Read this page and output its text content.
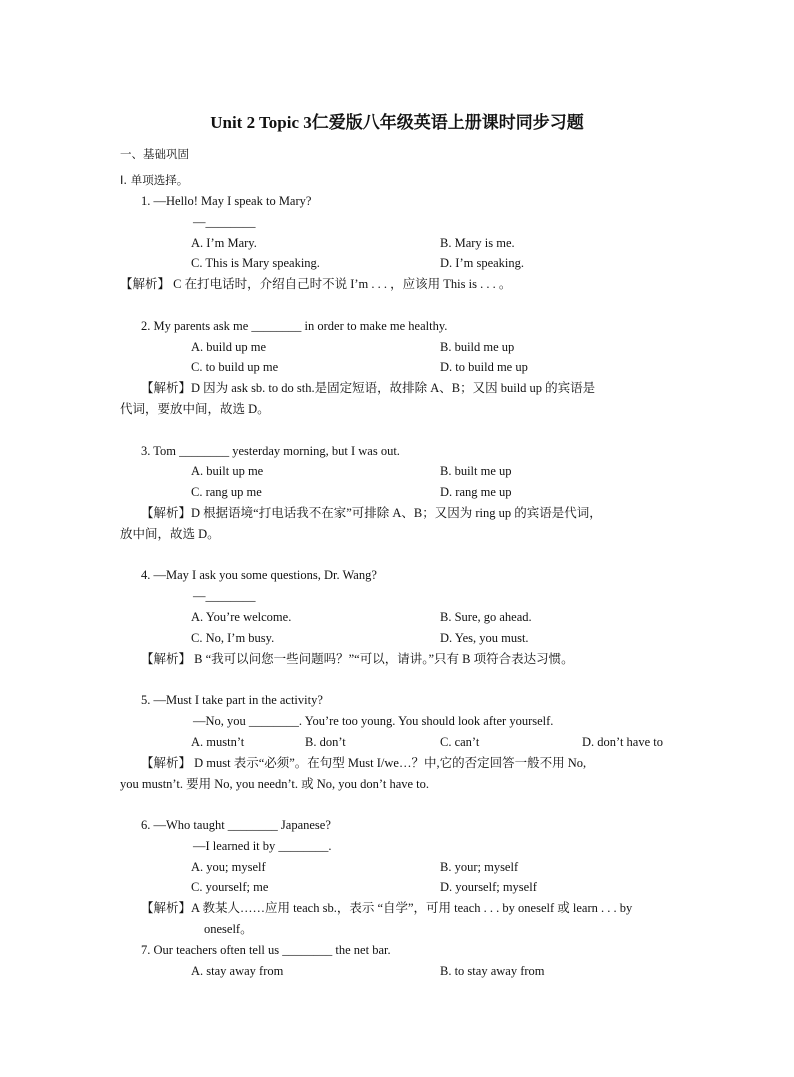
Unit 2 Topic 3仁爱版八年级英语上册课时同步习题
一、基础巩固
Ⅰ. 单项选择。
1. —Hello! May I speak to Mary?
—________
A. I’m Mary.	B. Mary is me.
C. This is Mary speaking.	D. I’m speaking.
【解析】 C 在打电话时，介绍自己时不说 I’m . . . ，应该用 This is . . . 。
2. My parents ask me ________ in order to make me healthy.
A. build up me	B. build me up
C. to build up me	D. to build me up
【解析】D 因为 ask sb. to do sth.是固定短语，故排除 A、B；又因 build up 的宾语是
代词，要放中间，故选 D。
3. Tom ________ yesterday morning, but I was out.
A. built up me	B. built me up
C. rang up me	D. rang me up
【解析】D 根据语境“打电话我不在家”可排除 A、B；又因为 ring up 的宾语是代词，
放中间，故选 D。
4. —May I ask you some questions, Dr. Wang?
—________
A. You’re welcome.	B. Sure, go ahead.
C. No, I’m busy.	D. Yes, you must.
【解析】 B “我可以问您一些问题吗？”“可以，请讲。”只有 B 项符合表达习惯。
5. —Must I take part in the activity?
—No, you ________. You’re too young. You should look after yourself.
A. mustn’t	B. don’t	C. can’t	D. don’t have to
【解析】 D must 表示“必须”。在句型 Must I/we…？中,它的否定回答一般不用 No,
you mustn’t. 要用 No, you needn’t. 或 No, you don’t have to.
6. —Who taught ________ Japanese?
—I learned it by ________.
A. you; myself	B. your; myself
C. yourself; me	D. yourself; myself
【解析】A 教某人……应用 teach sb.，表示 “自学”，可用 teach . . . by oneself 或 learn . . . by
oneself。
7. Our teachers often tell us ________ the net bar.
A. stay away from	B. to stay away from
